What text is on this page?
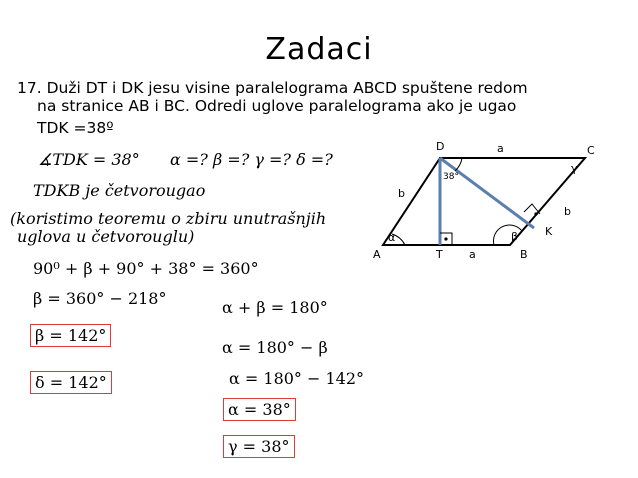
Zadaci
17. Duži DT i DK jesu visine paralelograma ABCD spuštene redom
na stranice AB i BC. Odredi uglove paralelograma ako je ugao
TDK =38º
∡TDK = 38° α =? β =? γ =? δ =?
TDKB je četvorougao
(koristimo teoremu o zbiru unutrašnjih
uglova u četvorouglu)
90⁰ + β + 90° + 38° = 360°
β = 360° − 218°
β = 142°
δ = 142°
α + β = 180°
α = 180° − β
α = 180° − 142°
α = 38°
γ = 38°
A	B
C
D
T
K
a
a
b
b
α	β
γ
38°
